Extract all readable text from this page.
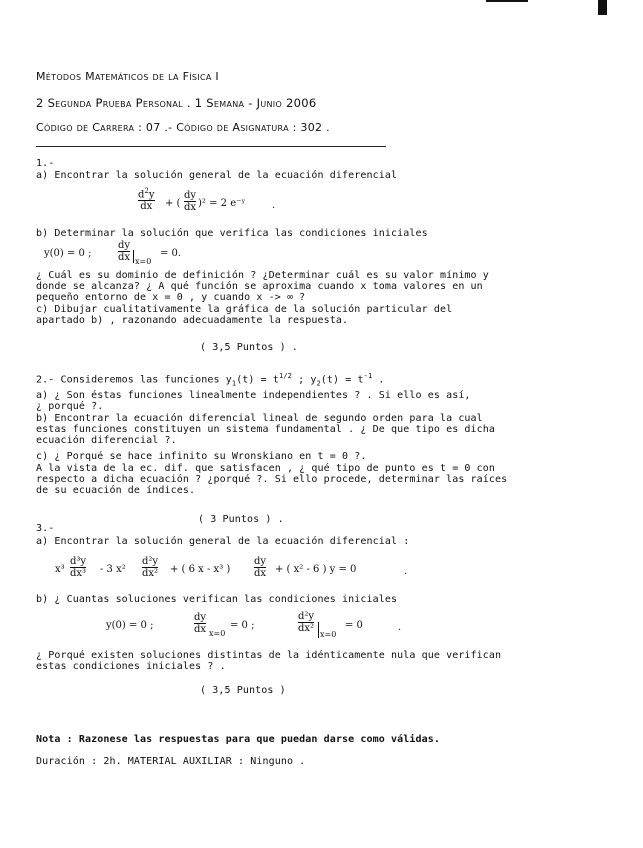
Métodos Matemáticos de la Física I
2 Segunda Prueba Personal . 1 Semana - Junio 2006
Código de Carrera : 07 .- Código de Asignatura : 302 .
1.-
a) Encontrar la solución general de la ecuación diferencial
$d^2y$
dx + (
dy
dx )² = 2 e⁻ʸ	.
b) Determinar la solución que verifica las condiciones iniciales
y(0) = 0 ;
dy
dx x=0
= 0.
¿ Cuál es su dominio de definición ? ¿Determinar cuál es su valor mínimo y
donde se alcanza? ¿ A qué función se aproxima cuando x toma valores en un
pequeño entorno de x = 0 , y cuando x -> ∞ ?
c) Dibujar cualitativamente la gráfica de la solución particular del
apartado b) , razonando adecuadamente la respuesta.
( 3,5 Puntos ) .
2.- Consideremos las funciones $y_1(t) = t^{1/2}$ ; $y_2(t) = t^{-1}$ .
a) ¿ Son éstas funciones linealmente independientes ? . Si ello es así,
¿ porqué ?.
b) Encontrar la ecuación diferencial lineal de segundo orden para la cual
estas funciones constituyen un sistema fundamental . ¿ De que tipo es dicha
ecuación diferencial ?.
c) ¿ Porqué se hace infinito su Wronskiano en t = 0 ?.
A la vista de la ec. dif. que satisfacen , ¿ qué tipo de punto es t = 0 con
respecto a dicha ecuación ? ¿porqué ?. Si ello procede, determinar las raíces
de su ecuación de índices.
( 3 Puntos ) .
3.-
a) Encontrar la solución general de la ecuación diferencial :
x³
d³y
dx³ - 3 x²
d²y
dx² + ( 6 x - x³ )
dy
dx + ( x² - 6 ) y = 0	.
b) ¿ Cuantas soluciones verifican las condiciones iniciales
y(0) = 0 ;
dy
dx x=0
= 0 ;
d²y
dx²
x=0
= 0	.
¿ Porqué existen soluciones distintas de la idénticamente nula que verifican
estas condiciones iniciales ? .
( 3,5 Puntos )
Nota : Razonese las respuestas para que puedan darse como válidas.
Duración : 2h. MATERIAL AUXILIAR : Ninguno .
